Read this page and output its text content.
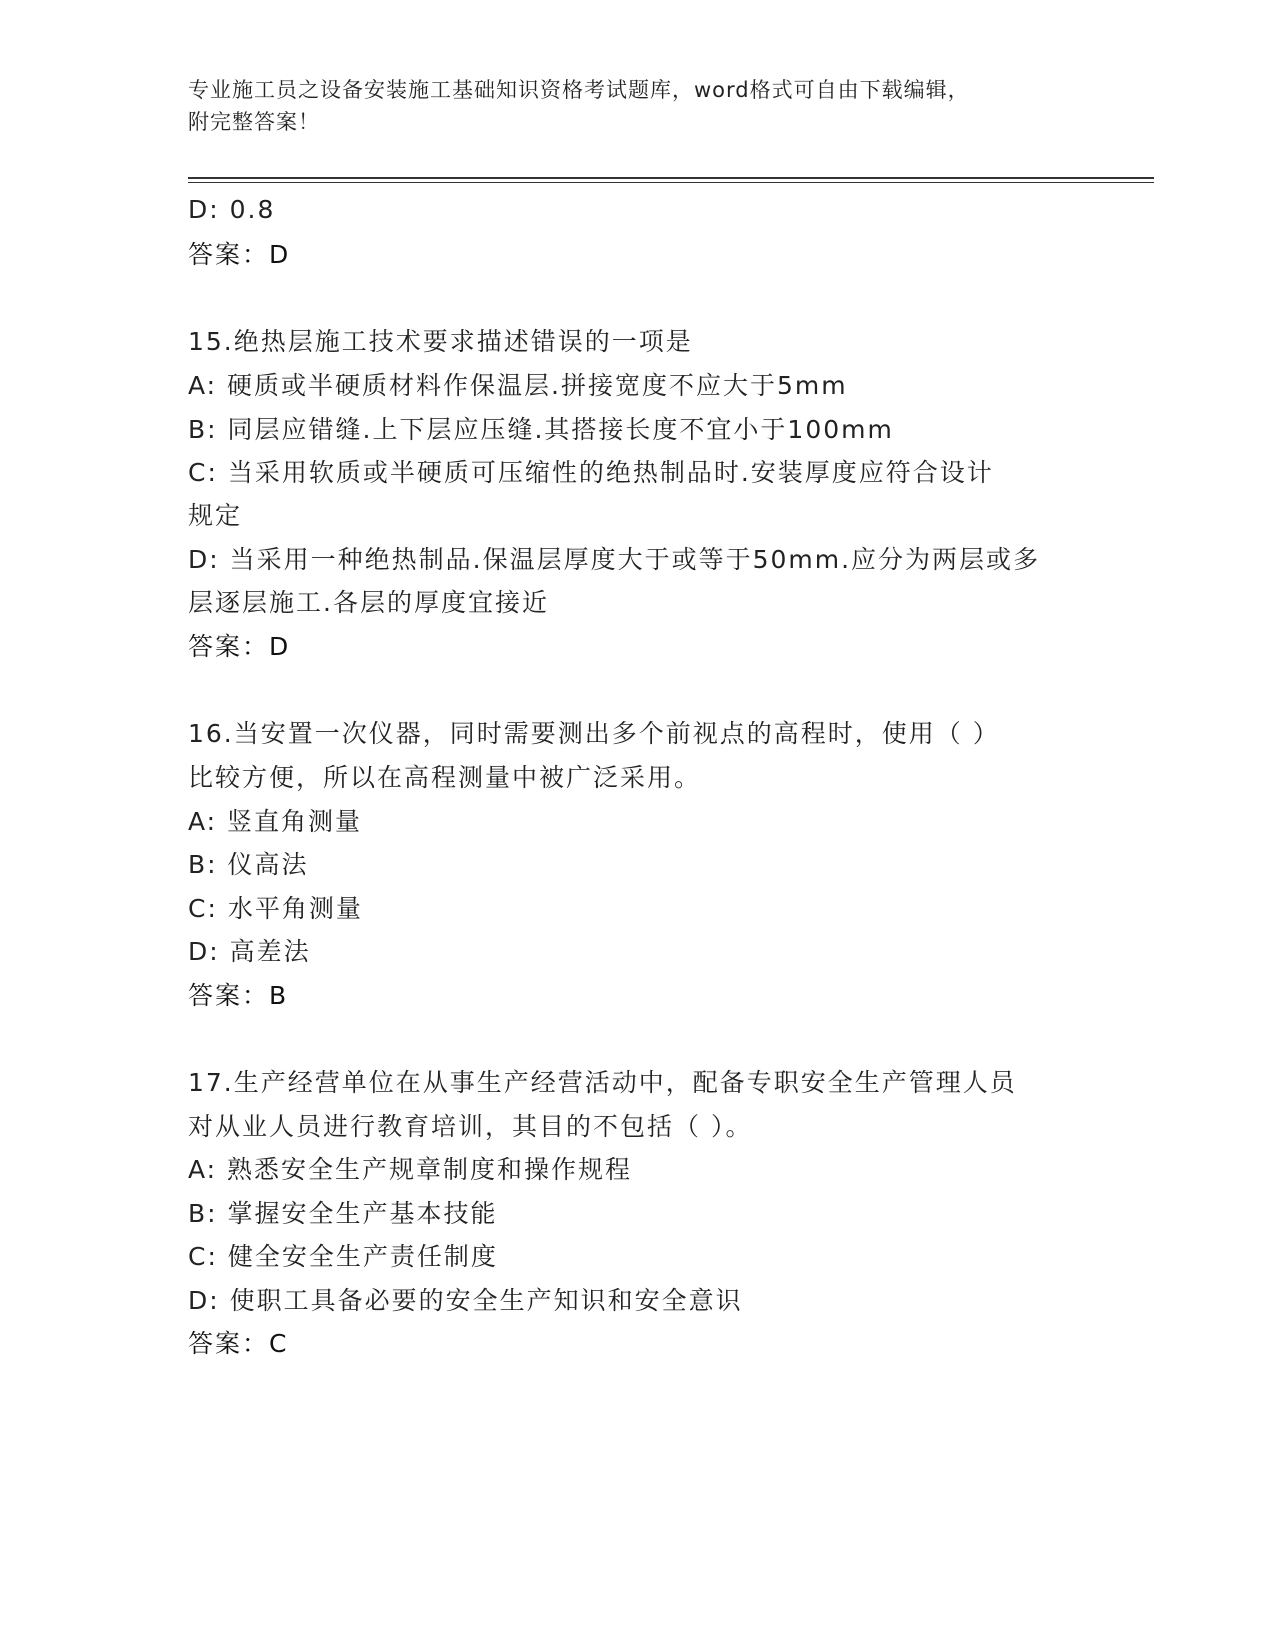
专业施工员之设备安装施工基础知识资格考试题库，word格式可自由下载编辑，
附完整答案！
D: 0.8
答案：D
15.绝热层施工技术要求描述错误的一项是
A: 硬质或半硬质材料作保温层.拼接宽度不应大于5mm
B: 同层应错缝.上下层应压缝.其搭接长度不宜小于100mm
C: 当采用软质或半硬质可压缩性的绝热制品时.安装厚度应符合设计
规定
D: 当采用一种绝热制品.保温层厚度大于或等于50mm.应分为两层或多
层逐层施工.各层的厚度宜接近
答案：D
16.当安置一次仪器，同时需要测出多个前视点的高程时，使用（ ）
比较方便，所以在高程测量中被广泛采用。
A: 竖直角测量
B: 仪高法
C: 水平角测量
D: 高差法
答案：B
17.生产经营单位在从事生产经营活动中，配备专职安全生产管理人员
对从业人员进行教育培训，其目的不包括（ ）。
A: 熟悉安全生产规章制度和操作规程
B: 掌握安全生产基本技能
C: 健全安全生产责任制度
D: 使职工具备必要的安全生产知识和安全意识
答案：C
